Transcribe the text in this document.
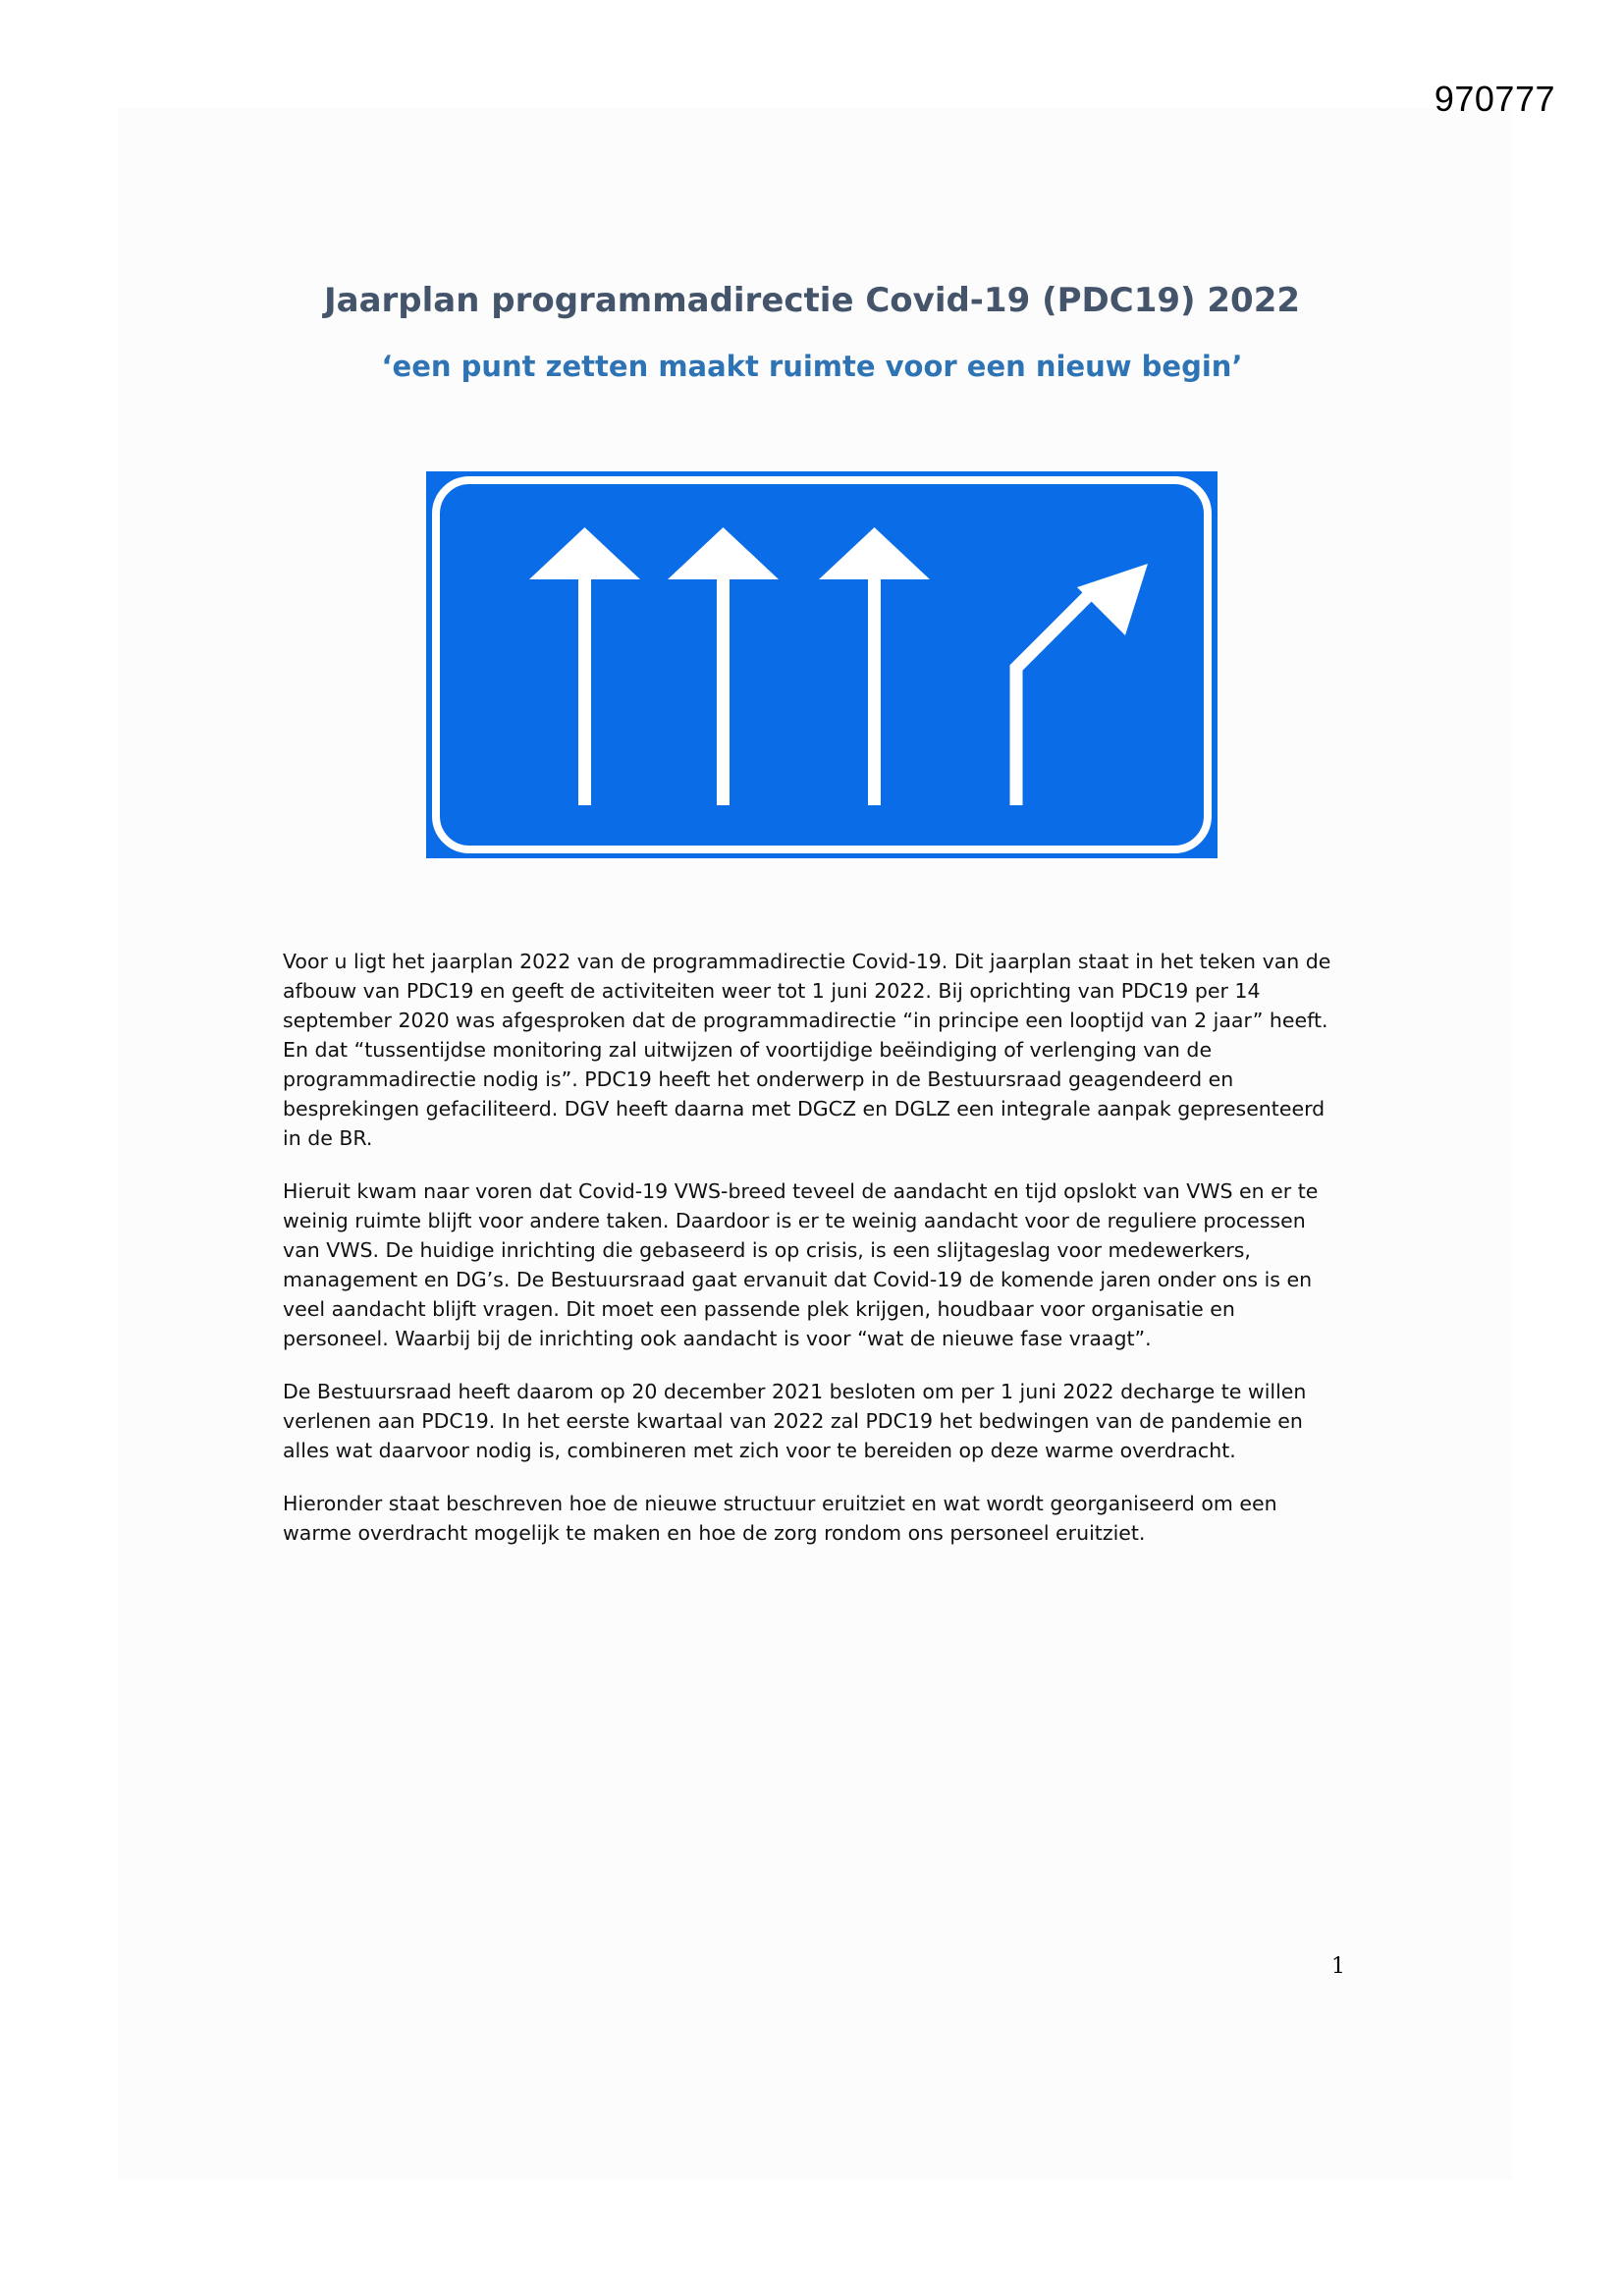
970777
Jaarplan programmadirectie Covid-19 (PDC19) 2022
‘een punt zetten maakt ruimte voor een nieuw begin’

Voor u ligt het jaarplan 2022 van de programmadirectie Covid-19. Dit jaarplan staat in het teken van de afbouw van PDC19 en geeft de activiteiten weer tot 1 juni 2022. Bij oprichting van PDC19 per 14 september 2020 was afgesproken dat de programmadirectie “in principe een looptijd van 2 jaar” heeft. En dat “tussentijdse monitoring zal uitwijzen of voortijdige beëindiging of verlenging van de programmadirectie nodig is”. PDC19 heeft het onderwerp in de Bestuursraad geagendeerd en besprekingen gefaciliteerd. DGV heeft daarna met DGCZ en DGLZ een integrale aanpak gepresenteerd in de BR.

Hieruit kwam naar voren dat Covid-19 VWS-breed teveel de aandacht en tijd opslokt van VWS en er te weinig ruimte blijft voor andere taken. Daardoor is er te weinig aandacht voor de reguliere processen van VWS. De huidige inrichting die gebaseerd is op crisis, is een slijtageslag voor medewerkers, management en DG’s. De Bestuursraad gaat ervanuit dat Covid-19 de komende jaren onder ons is en veel aandacht blijft vragen. Dit moet een passende plek krijgen, houdbaar voor organisatie en personeel. Waarbij bij de inrichting ook aandacht is voor “wat de nieuwe fase vraagt”.

De Bestuursraad heeft daarom op 20 december 2021 besloten om per 1 juni 2022 decharge te willen verlenen aan PDC19. In het eerste kwartaal van 2022 zal PDC19 het bedwingen van de pandemie en alles wat daarvoor nodig is, combineren met zich voor te bereiden op deze warme overdracht.

Hieronder staat beschreven hoe de nieuwe structuur eruitziet en wat wordt georganiseerd om een warme overdracht mogelijk te maken en hoe de zorg rondom ons personeel eruitziet.

1
